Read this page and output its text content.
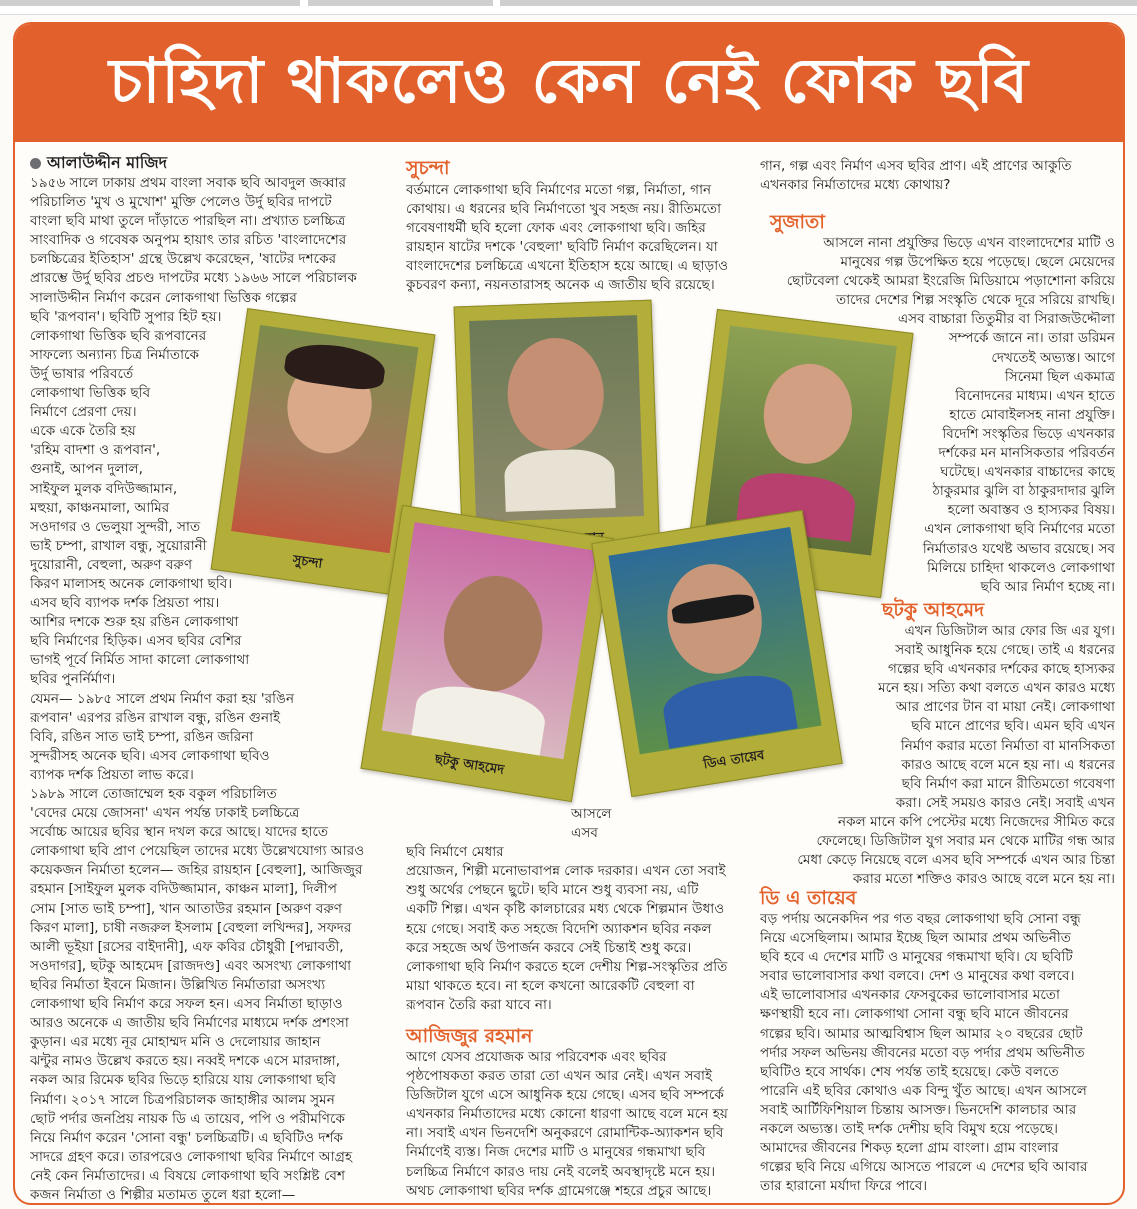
চাহিদা থাকলেও কেন নেই ফোক ছবি
আলাউদ্দীন মাজিদ
১৯৫৬ সালে ঢাকায় প্রথম বাংলা সবাক ছবি আবদুল জব্বার
পরিচালিত 'মুখ ও মুখোশ' মুক্তি পেলেও উর্দু ছবির দাপটে
বাংলা ছবি মাথা তুলে দাঁড়াতে পারছিল না। প্রখ্যাত চলচ্চিত্র
সাংবাদিক ও গবেষক অনুপম হায়াৎ তার রচিত 'বাংলাদেশের
চলচ্চিত্রের ইতিহাস' গ্রন্থে উল্লেখ করেছেন, 'ষাটের দশকের
প্রারম্ভে উর্দু ছবির প্রচণ্ড দাপটের মধ্যে ১৯৬৬ সালে পরিচালক
সালাউদ্দীন নির্মাণ করেন লোকগাথা ভিত্তিক গল্পের
ছবি 'রূপবান'। ছবিটি সুপার হিট হয়।
লোকগাথা ভিত্তিক ছবি রূপবানের
সাফল্যে অন্যান্য চিত্র নির্মাতাকে
উর্দু ভাষার পরিবর্তে
লোকগাথা ভিত্তিক ছবি
নির্মাণে প্রেরণা দেয়।
একে একে তৈরি হয়
'রহিম বাদশা ও রূপবান',
গুনাই, আপন দুলাল,
সাইফুল মুলক বদিউজ্জামান,
মহুয়া, কাঞ্চনমালা, আমির
সওদাগর ও ভেলুয়া সুন্দরী, সাত
ভাই চম্পা, রাখাল বন্ধু, সুয়োরানী
দুয়োরানী, বেহুলা, অরুণ বরুণ
কিরণ মালাসহ অনেক লোকগাথা ছবি।
এসব ছবি ব্যাপক দর্শক প্রিয়তা পায়।
আশির দশকে শুরু হয় রঙিন লোকগাথা
ছবি নির্মাণের হিড়িক। এসব ছবির বেশির
ভাগই পূর্বে নির্মিত সাদা কালো লোকগাথা
ছবির পুনর্নির্মাণ।
যেমন— ১৯৮৫ সালে প্রথম নির্মাণ করা হয় 'রঙিন
রূপবান' এরপর রঙিন রাখাল বন্ধু, রঙিন গুনাই
বিবি, রঙিন সাত ভাই চম্পা, রঙিন জরিনা
সুন্দরীসহ অনেক ছবি। এসব লোকগাথা ছবিও
ব্যাপক দর্শক প্রিয়তা লাভ করে।
১৯৮৯ সালে তোজাম্মেল হক বকুল পরিচালিত
'বেদের মেয়ে জোসনা' এখন পর্যন্ত ঢাকাই চলচ্চিত্রে
সর্বোচ্চ আয়ের ছবির স্থান দখল করে আছে। যাদের হাতে
লোকগাথা ছবি প্রাণ পেয়েছিল তাদের মধ্যে উল্লেখযোগ্য আরও
কয়েকজন নির্মাতা হলেন— জহির রায়হান [বেহুলা], আজিজুর
রহমান [সাইফুল মুলক বদিউজ্জামান, কাঞ্চন মালা], দিলীপ
সোম [সাত ভাই চম্পা], খান আতাউর রহমান [অরুণ বরুণ
কিরণ মালা], চাষী নজরুল ইসলাম [বেহুলা লখিন্দর], সফদর
আলী ভূইয়া [রসের বাইদানী], এফ কবির চৌধুরী [পদ্মাবতী,
সওদাগর], ছটকু আহমেদ [রাজদণ্ড] এবং অসংখ্য লোকগাথা
ছবির নির্মাতা ইবনে মিজান। উল্লিখিত নির্মাতারা অসংখ্য
লোকগাথা ছবি নির্মাণ করে সফল হন। এসব নির্মাতা ছাড়াও
আরও অনেকে এ জাতীয় ছবি নির্মাণের মাধ্যমে দর্শক প্রশংসা
কুড়ান। এর মধ্যে নূর মোহাম্মদ মনি ও দেলোয়ার জাহান
ঝন্টুর নামও উল্লেখ করতে হয়। নব্বই দশকে এসে মারদাঙ্গা,
নকল আর রিমেক ছবির ভিড়ে হারিয়ে যায় লোকগাথা ছবি
নির্মাণ। ২০১৭ সালে চিত্রপরিচালক জাহাঙ্গীর আলম সুমন
ছোট পর্দার জনপ্রিয় নায়ক ডি এ তায়েব, পপি ও পরীমণিকে
নিয়ে নির্মাণ করেন 'সোনা বন্ধু' চলচ্চিত্রটি। এ ছবিটিও দর্শক
সাদরে গ্রহণ করে। তারপরেও লোকগাথা ছবির নির্মাণে আগ্রহ
নেই কেন নির্মাতাদের। এ বিষয়ে লোকগাথা ছবি সংশ্লিষ্ট বেশ
কজন নির্মাতা ও শিল্পীর মতামত তুলে ধরা হলো—
সুচন্দা
বর্তমানে লোকগাথা ছবি নির্মাণের মতো গল্প, নির্মাতা, গান
কোথায়। এ ধরনের ছবি নির্মাণতো খুব সহজ নয়। রীতিমতো
গবেষণাধর্মী ছবি হলো ফোক এবং লোকগাথা ছবি। জহির
রায়হান ষাটের দশকে 'বেহুলা' ছবিটি নির্মাণ করেছিলেন। যা
বাংলাদেশের চলচ্চিত্রে এখনো ইতিহাস হয়ে আছে। এ ছাড়াও
কুচবরণ কন্যা, নয়নতারাসহ অনেক এ জাতীয় ছবি রয়েছে।
আসলে
এসব
ছবি নির্মাণে মেধার
প্রয়োজন, শিল্পী মনোভাবাপন্ন লোক দরকার। এখন তো সবাই
শুধু অর্থের পেছনে ছুটে। ছবি মানে শুধু ব্যবসা নয়, এটি
একটি শিল্প। এখন কৃষ্টি কালচারের মধ্য থেকে শিল্পমান উধাও
হয়ে গেছে। সবাই কত সহজে বিদেশি অ্যাকশন ছবির নকল
করে সহজে অর্থ উপার্জন করবে সেই চিন্তাই শুধু করে।
লোকগাথা ছবি নির্মাণ করতে হলে দেশীয় শিল্প-সংস্কৃতির প্রতি
মায়া থাকতে হবে। না হলে কখনো আরেকটি বেহুলা বা
রূপবান তৈরি করা যাবে না।
আজিজুর রহমান
আগে যেসব প্রযোজক আর পরিবেশক এবং ছবির
পৃষ্ঠপোষকতা করত তারা তো এখন আর নেই। এখন সবাই
ডিজিটাল যুগে এসে আধুনিক হয়ে গেছে। এসব ছবি সম্পর্কে
এখনকার নির্মাতাদের মধ্যে কোনো ধারণা আছে বলে মনে হয়
না। সবাই এখন ভিনদেশি অনুকরণে রোমান্টিক-অ্যাকশন ছবি
নির্মাণেই ব্যস্ত। নিজ দেশের মাটি ও মানুষের গন্ধমাখা ছবি
চলচ্চিত্র নির্মাণে কারও দায় নেই বলেই অবস্থাদৃষ্টে মনে হয়।
অথচ লোকগাথা ছবির দর্শক গ্রামেগঞ্জে শহরে প্রচুর আছে।
গান, গল্প এবং নির্মাণ এসব ছবির প্রাণ। এই প্রাণের আকুতি
এখনকার নির্মাতাদের মধ্যে কোথায়?
সুজাতা
আসলে নানা প্রযুক্তির ভিড়ে এখন বাংলাদেশের মাটি ও
মানুষের গল্প উপেক্ষিত হয়ে পড়েছে। ছেলে মেয়েদের
ছোটবেলা থেকেই আমরা ইংরেজি মিডিয়ামে পড়াশোনা করিয়ে
তাদের দেশের শিল্প সংস্কৃতি থেকে দূরে সরিয়ে রাখছি।
এসব বাচ্চারা তিতুমীর বা সিরাজউদ্দৌলা
সম্পর্কে জানে না। তারা ডরিমন
দেখতেই অভ্যস্ত। আগে
সিনেমা ছিল একমাত্র
বিনোদনের মাধ্যম। এখন হাতে
হাতে মোবাইলসহ নানা প্রযুক্তি।
বিদেশি সংস্কৃতির ভিড়ে এখনকার
দর্শকের মন মানসিকতার পরিবর্তন
ঘটেছে। এখনকার বাচ্চাদের কাছে
ঠাকুরমার ঝুলি বা ঠাকুরদাদার ঝুলি
হলো অবাস্তব ও হাস্যকর বিষয়।
এখন লোকগাথা ছবি নির্মাণের মতো
নির্মাতারও যথেষ্ট অভাব রয়েছে। সব
মিলিয়ে চাহিদা থাকলেও লোকগাথা
ছবি আর নির্মাণ হচ্ছে না।
ছটকু আহমেদ
এখন ডিজিটাল আর ফোর জি এর যুগ।
সবাই আধুনিক হয়ে গেছে। তাই এ ধরনের
গল্পের ছবি এখনকার দর্শকের কাছে হাস্যকর
মনে হয়। সত্যি কথা বলতে এখন কারও মধ্যে
আর প্রাণের টান বা মায়া নেই। লোকগাথা
ছবি মানে প্রাণের ছবি। এমন ছবি এখন
নির্মাণ করার মতো নির্মাতা বা মানসিকতা
কারও আছে বলে মনে হয় না। এ ধরনের
ছবি নির্মাণ করা মানে রীতিমতো গবেষণা
করা। সেই সময়ও কারও নেই। সবাই এখন
নকল মানে কপি পেস্টের মধ্যে নিজেদের সীমিত করে
ফেলেছে। ডিজিটাল যুগ সবার মন থেকে মাটির গন্ধ আর
মেধা কেড়ে নিয়েছে বলে এসব ছবি সম্পর্কে এখন আর চিন্তা
করার মতো শক্তিও কারও আছে বলে মনে হয় না।
ডি এ তায়েব
বড় পর্দায় অনেকদিন পর গত বছর লোকগাথা ছবি সোনা বন্ধু
নিয়ে এসেছিলাম। আমার ইচ্ছে ছিল আমার প্রথম অভিনীত
ছবি হবে এ দেশের মাটি ও মানুষের গন্ধমাখা ছবি। যে ছবিটি
সবার ভালোবাসার কথা বলবে। দেশ ও মানুষের কথা বলবে।
এই ভালোবাসার এখনকার ফেসবুকের ভালোবাসার মতো
ক্ষণস্থায়ী হবে না। লোকগাথা সোনা বন্ধু ছবি মানে জীবনের
গল্পের ছবি। আমার আত্মবিশ্বাস ছিল আমার ২০ বছরের ছোট
পর্দার সফল অভিনয় জীবনের মতো বড় পর্দার প্রথম অভিনীত
ছবিটিও হবে সার্থক। শেষ পর্যন্ত তাই হয়েছে। কেউ বলতে
পারেনি এই ছবির কোথাও এক বিন্দু খুঁত আছে। এখন আসলে
সবাই আর্টিফিশিয়াল চিন্তায় আসক্ত। ভিনদেশি কালচার আর
নকলে অভ্যস্ত। তাই দর্শক দেশীয় ছবি বিমুখ হয়ে পড়েছে।
আমাদের জীবনের শিকড় হলো গ্রাম বাংলা। গ্রাম বাংলার
গল্পের ছবি নিয়ে এগিয়ে আসতে পারলে এ দেশের ছবি আবার
তার হারানো মর্যাদা ফিরে পাবে।
সুচন্দা
ছটকু আহমেদ	ডিএ তায়েব
